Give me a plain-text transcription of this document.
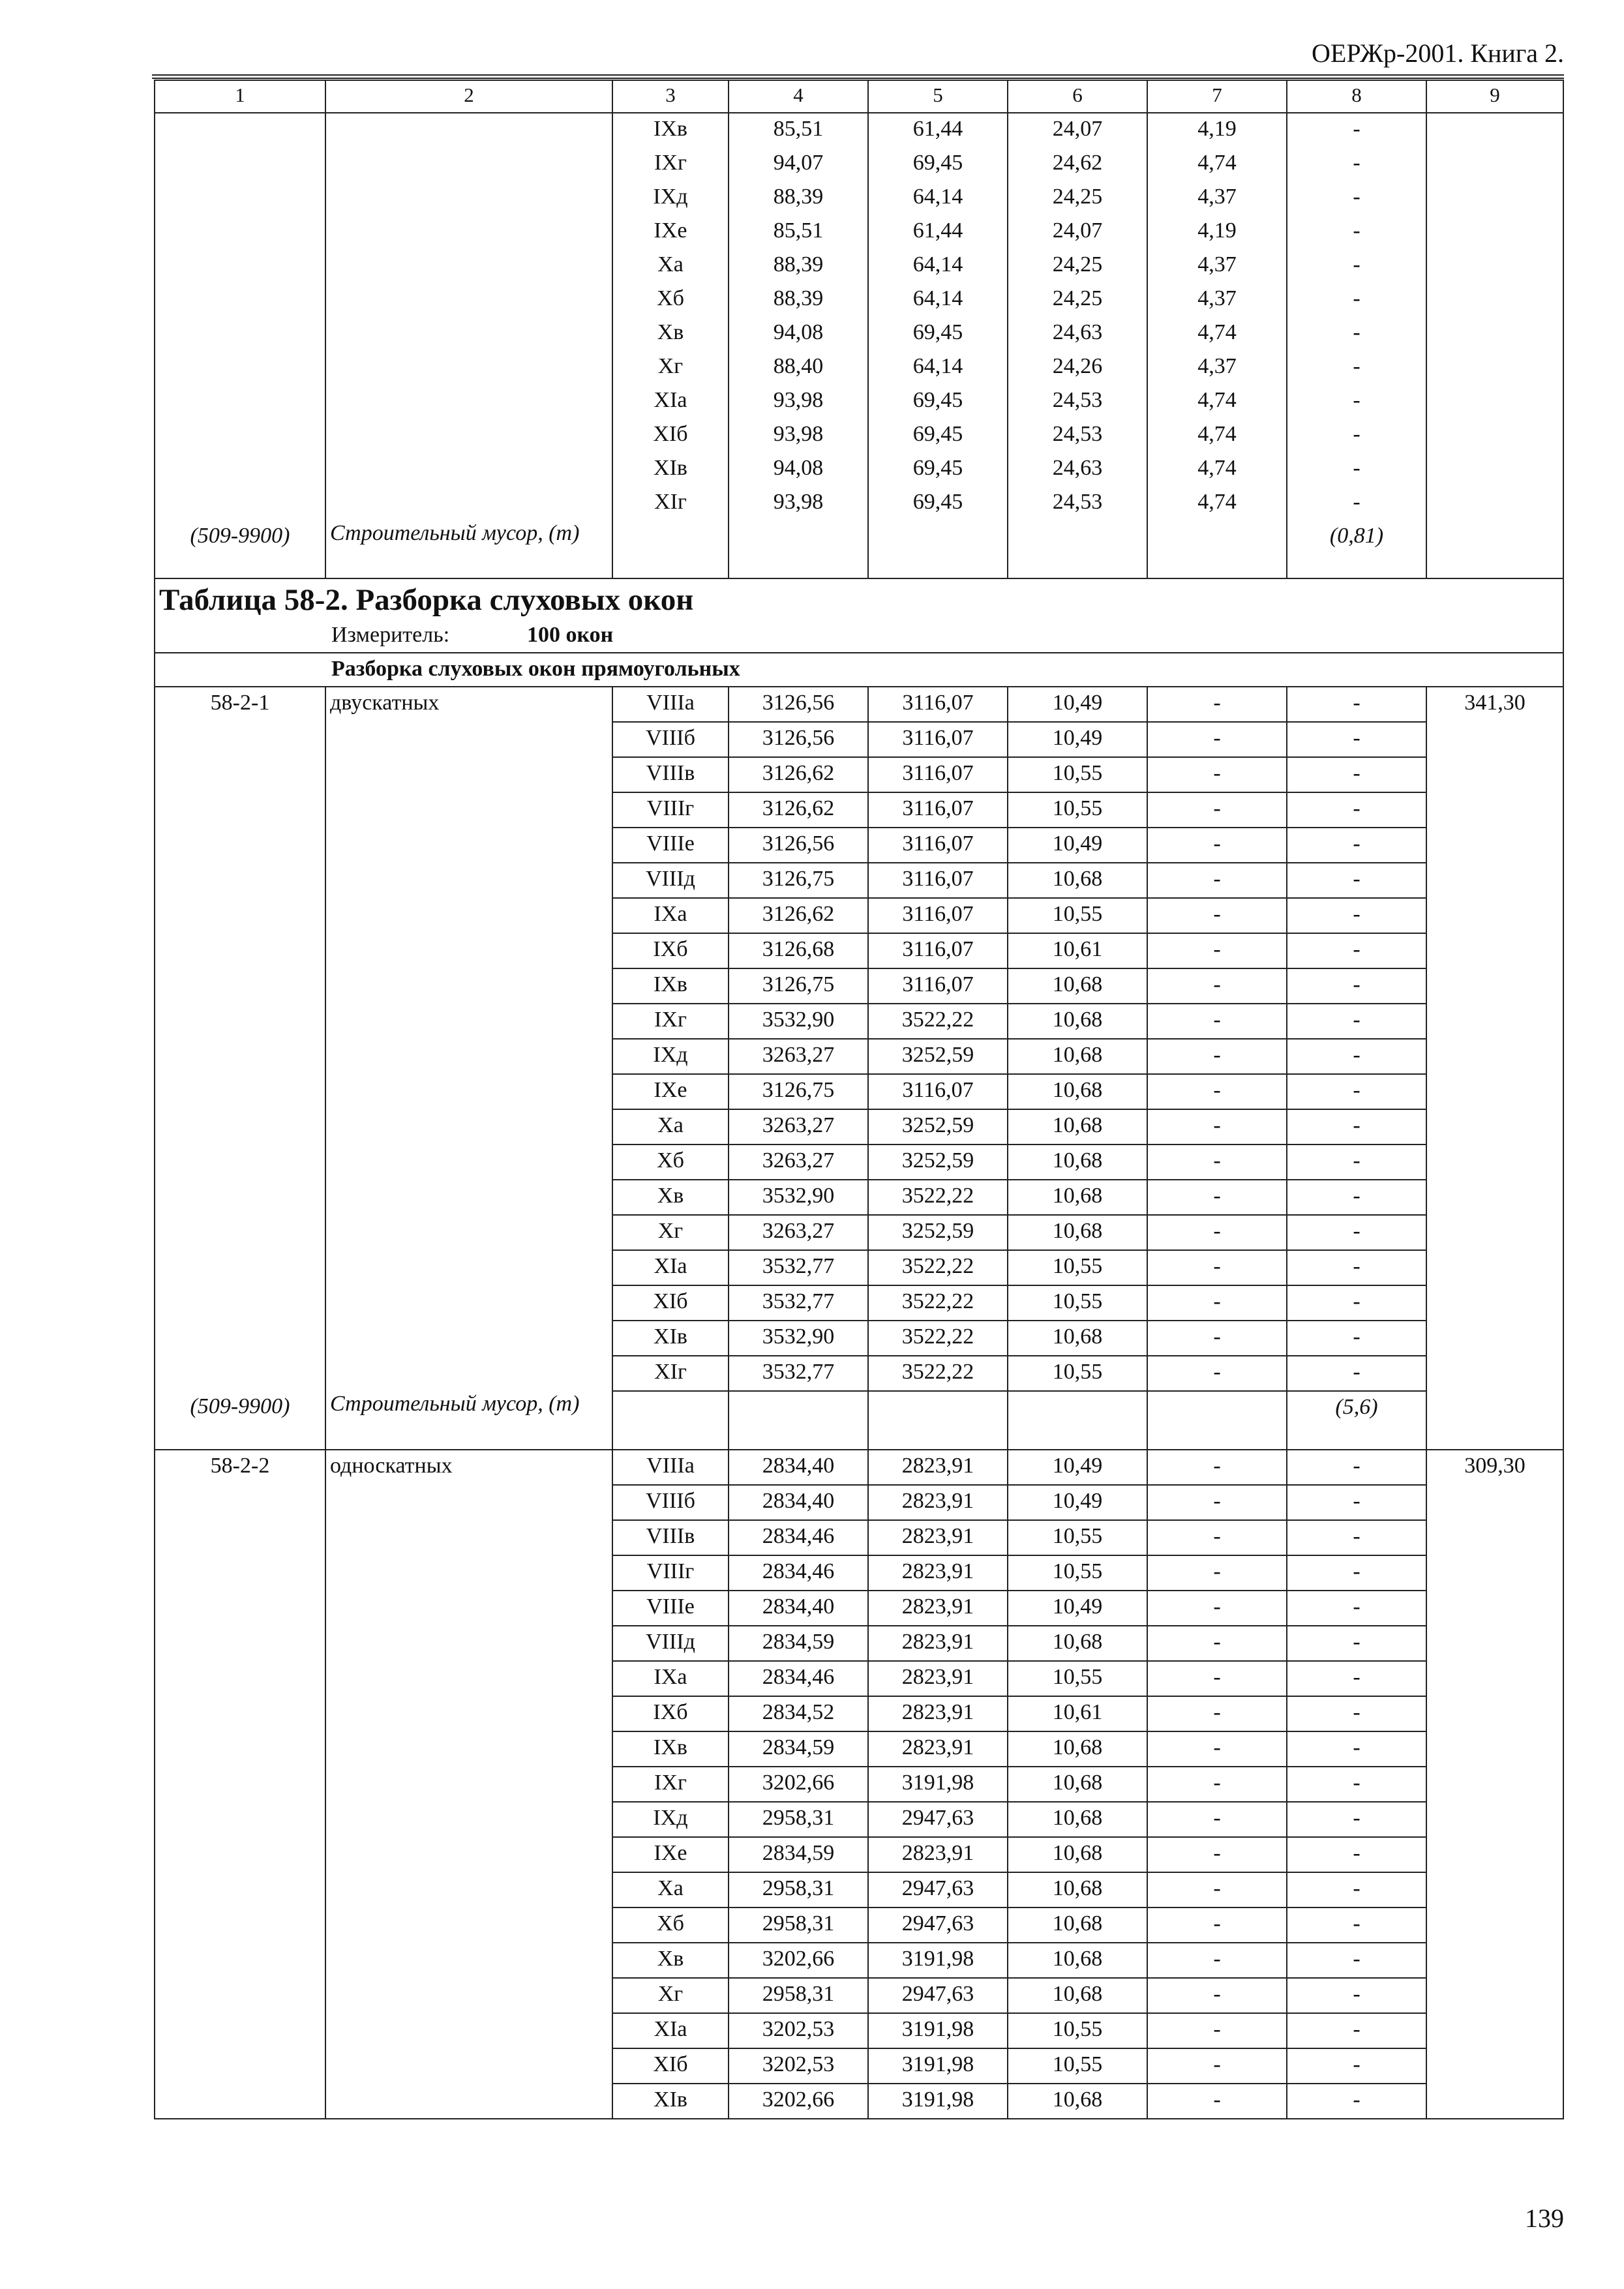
ОЕРЖр-2001. Книга 2.
1	2	3	4	5	6	7	8	9
		IXв	85,51	61,44	24,07	4,19	-	
		IXг	94,07	69,45	24,62	4,74	-	
		IXд	88,39	64,14	24,25	4,37	-	
		IXе	85,51	61,44	24,07	4,19	-	
		Xа	88,39	64,14	24,25	4,37	-	
		Xб	88,39	64,14	24,25	4,37	-	
		Xв	94,08	69,45	24,63	4,74	-	
		Xг	88,40	64,14	24,26	4,37	-	
		XIа	93,98	69,45	24,53	4,74	-	
		XIб	93,98	69,45	24,53	4,74	-	
		XIв	94,08	69,45	24,63	4,74	-	
		XIг	93,98	69,45	24,53	4,74	-	
(509-9900)	Строительный мусор, (т)						(0,81)	
Таблица 58-2. Разборка слуховых окон								
Измеритель: 100 окон								
Разборка слуховых окон прямоугольных								
58-2-1	двускатных	VIIIа	3126,56	3116,07	10,49	-	-	341,30
		VIIIб	3126,56	3116,07	10,49	-	-	
		VIIIв	3126,62	3116,07	10,55	-	-	
		VIIIг	3126,62	3116,07	10,55	-	-	
		VIIIе	3126,56	3116,07	10,49	-	-	
		VIIIд	3126,75	3116,07	10,68	-	-	
		IXа	3126,62	3116,07	10,55	-	-	
		IXб	3126,68	3116,07	10,61	-	-	
		IXв	3126,75	3116,07	10,68	-	-	
		IXг	3532,90	3522,22	10,68	-	-	
		IXд	3263,27	3252,59	10,68	-	-	
		IXе	3126,75	3116,07	10,68	-	-	
		Xа	3263,27	3252,59	10,68	-	-	
		Xб	3263,27	3252,59	10,68	-	-	
		Xв	3532,90	3522,22	10,68	-	-	
		Xг	3263,27	3252,59	10,68	-	-	
		XIа	3532,77	3522,22	10,55	-	-	
		XIб	3532,77	3522,22	10,55	-	-	
		XIв	3532,90	3522,22	10,68	-	-	
		XIг	3532,77	3522,22	10,55	-	-	
(509-9900)	Строительный мусор, (т)						(5,6)	
58-2-2	односкатных	VIIIа	2834,40	2823,91	10,49	-	-	309,30
		VIIIб	2834,40	2823,91	10,49	-	-	
		VIIIв	2834,46	2823,91	10,55	-	-	
		VIIIг	2834,46	2823,91	10,55	-	-	
		VIIIе	2834,40	2823,91	10,49	-	-	
		VIIIд	2834,59	2823,91	10,68	-	-	
		IXа	2834,46	2823,91	10,55	-	-	
		IXб	2834,52	2823,91	10,61	-	-	
		IXв	2834,59	2823,91	10,68	-	-	
		IXг	3202,66	3191,98	10,68	-	-	
		IXд	2958,31	2947,63	10,68	-	-	
		IXе	2834,59	2823,91	10,68	-	-	
		Xа	2958,31	2947,63	10,68	-	-	
		Xб	2958,31	2947,63	10,68	-	-	
		Xв	3202,66	3191,98	10,68	-	-	
		Xг	2958,31	2947,63	10,68	-	-	
		XIа	3202,53	3191,98	10,55	-	-	
		XIб	3202,53	3191,98	10,55	-	-	
		XIв	3202,66	3191,98	10,68	-	-	
139
